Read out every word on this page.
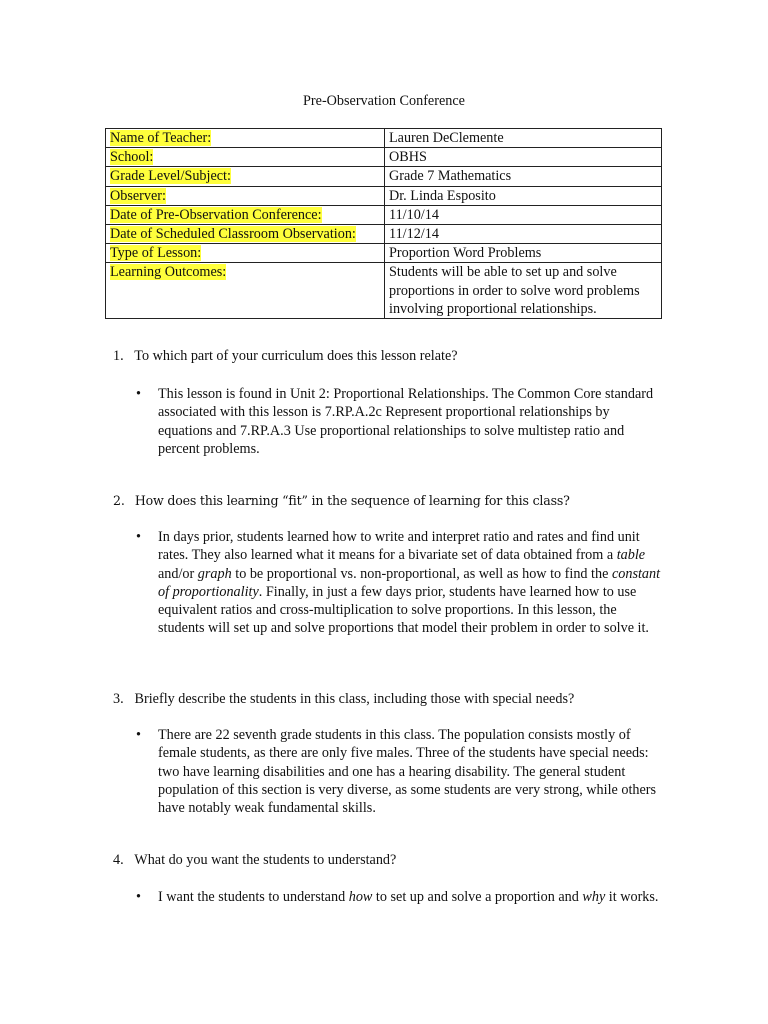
Pre-Observation Conference
Name of Teacher:	Lauren DeClemente
School:	OBHS
Grade Level/Subject:	Grade 7 Mathematics
Observer:	Dr. Linda Esposito
Date of Pre-Observation Conference:	11/10/14
Date of Scheduled Classroom Observation:	11/12/14
Type of Lesson:	Proportion Word Problems
Learning Outcomes:	Students will be able to set up and solve proportions in order to solve word problems involving proportional relationships.
1. To which part of your curriculum does this lesson relate?
• This lesson is found in Unit 2: Proportional Relationships. The Common Core standard associated with this lesson is 7.RP.A.2c Represent proportional relationships by equations and 7.RP.A.3 Use proportional relationships to solve multistep ratio and percent problems.
2. How does this learning “fit” in the sequence of learning for this class?
• In days prior, students learned how to write and interpret ratio and rates and find unit rates. They also learned what it means for a bivariate set of data obtained from a table and/or graph to be proportional vs. non-proportional, as well as how to find the constant of proportionality. Finally, in just a few days prior, students have learned how to use equivalent ratios and cross-multiplication to solve proportions. In this lesson, the students will set up and solve proportions that model their problem in order to solve it.
3. Briefly describe the students in this class, including those with special needs?
• There are 22 seventh grade students in this class. The population consists mostly of female students, as there are only five males. Three of the students have special needs: two have learning disabilities and one has a hearing disability. The general student population of this section is very diverse, as some students are very strong, while others have notably weak fundamental skills.
4. What do you want the students to understand?
• I want the students to understand how to set up and solve a proportion and why it works.
